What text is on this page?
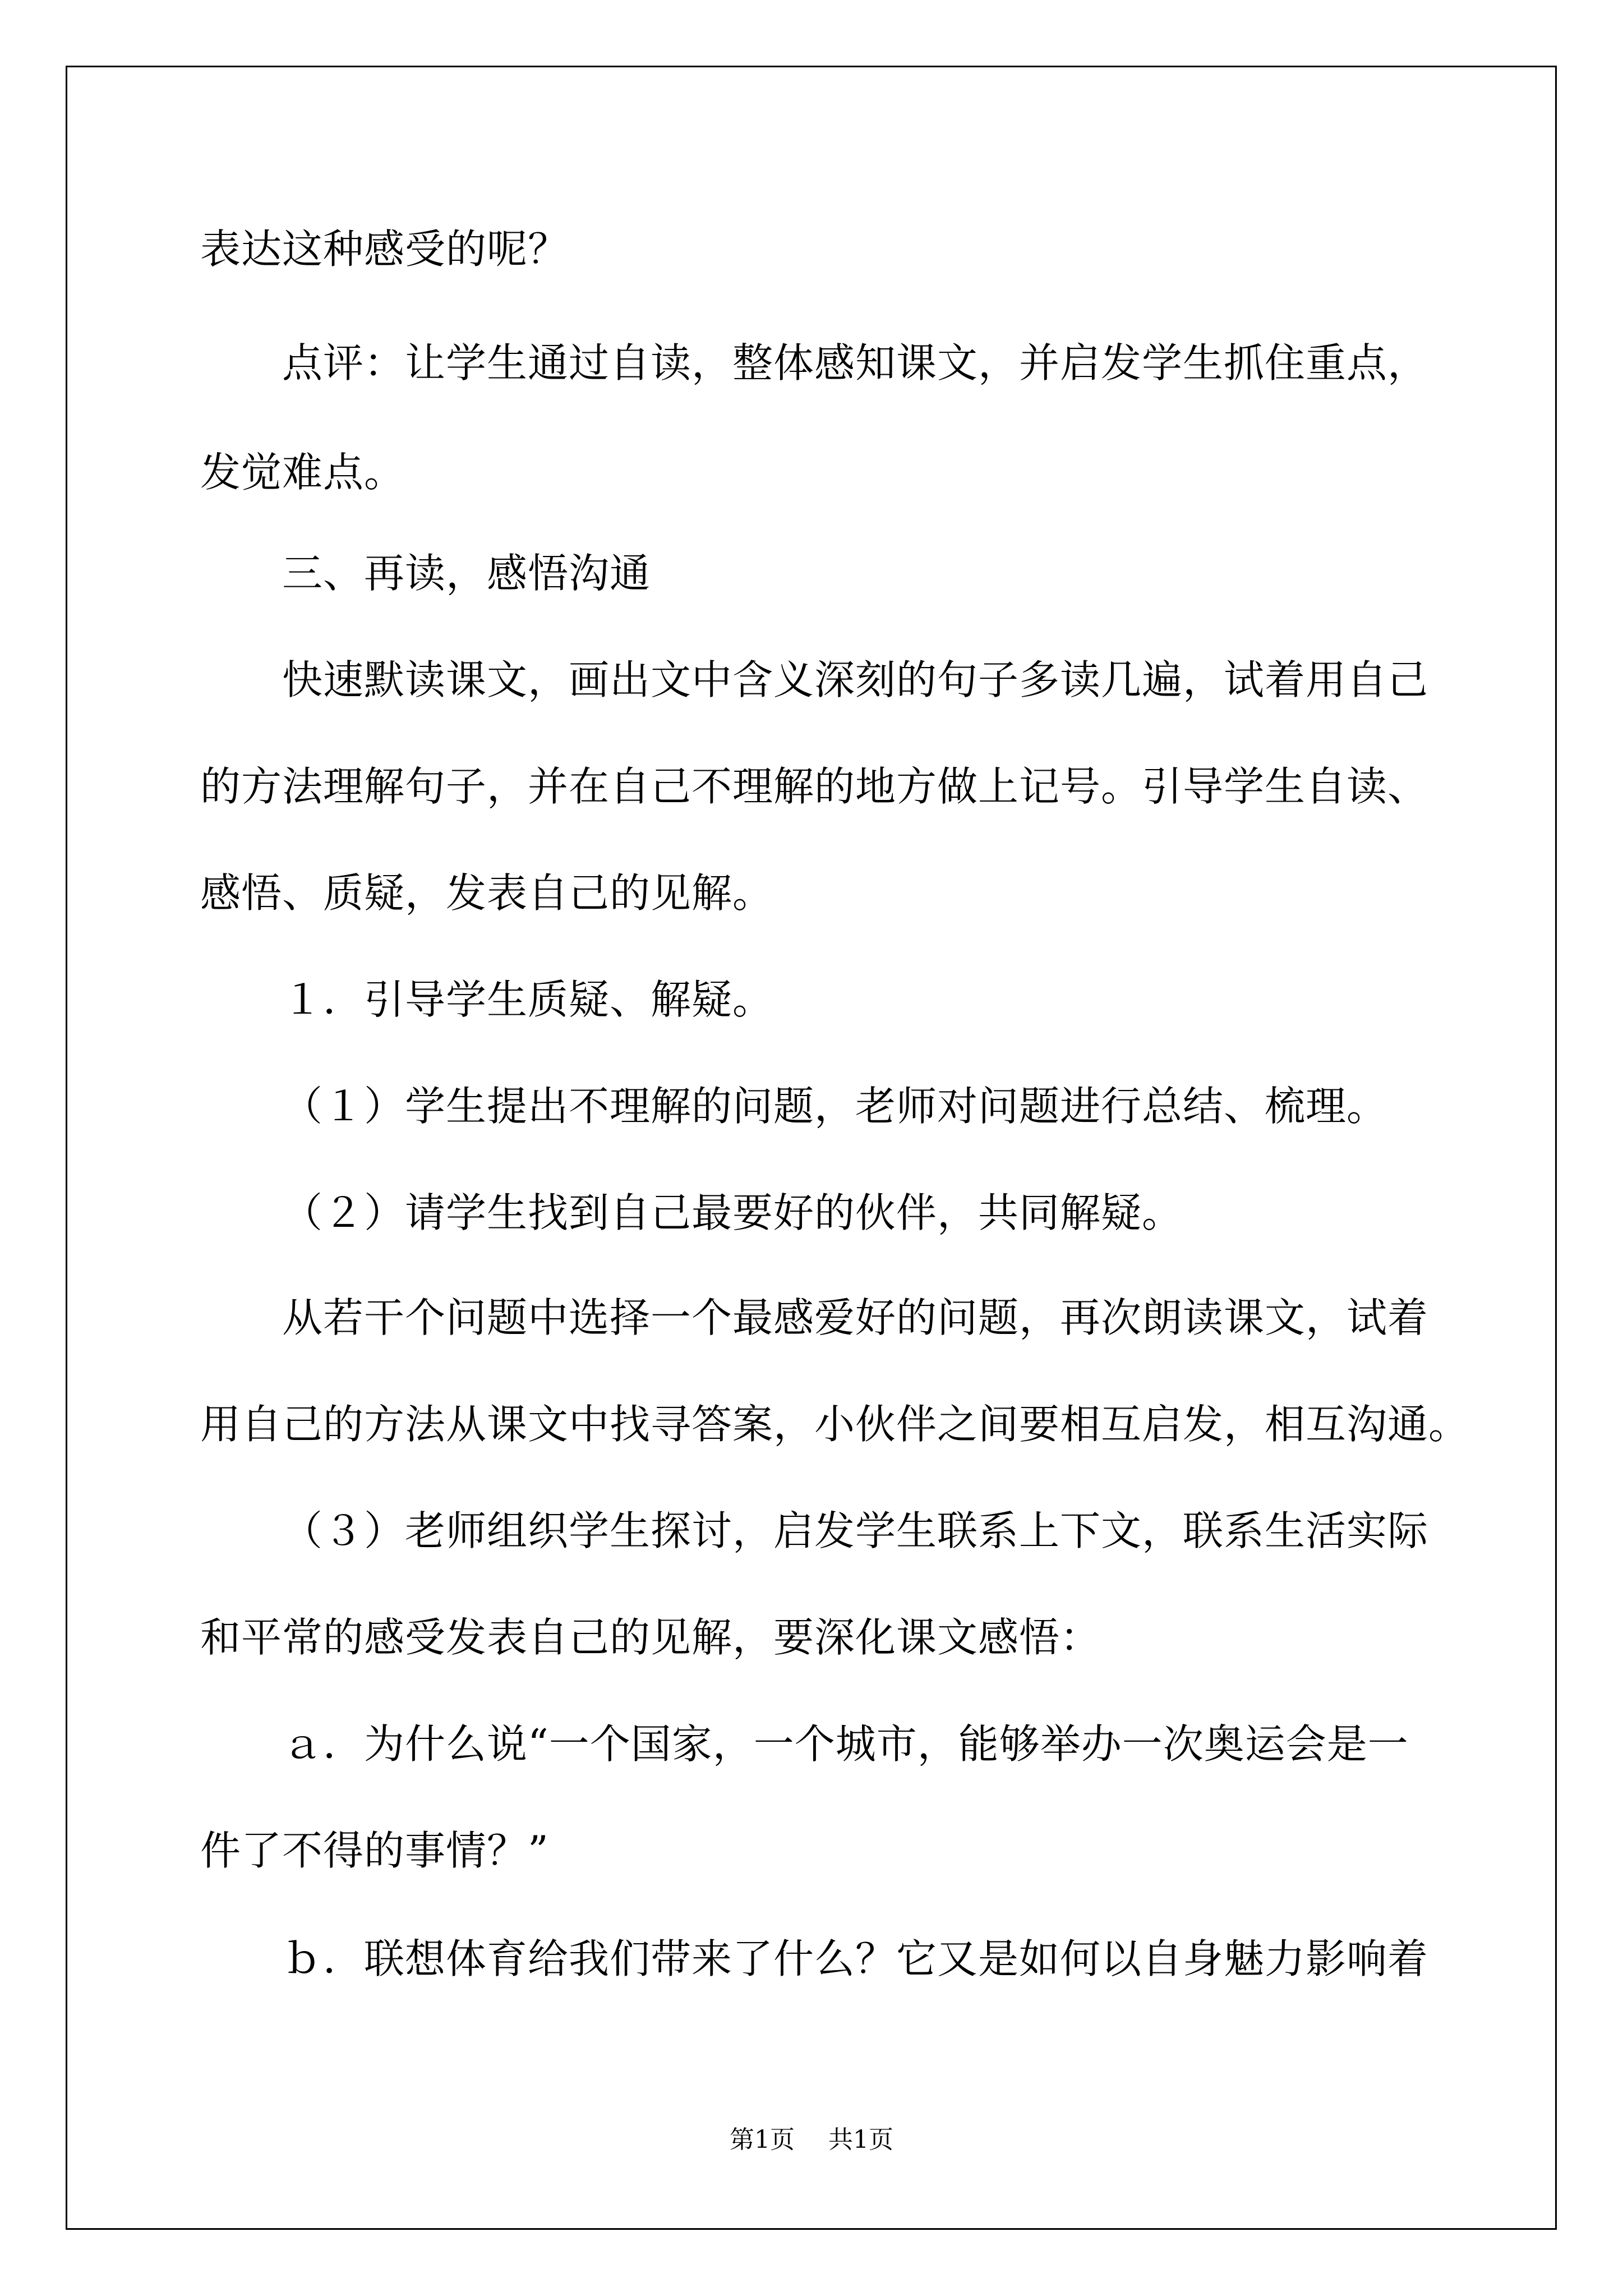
表达这种感受的呢？
点评：让学生通过自读，整体感知课文，并启发学生抓住重点，
发觉难点。
三、再读，感悟沟通
快速默读课文，画出文中含义深刻的句子多读几遍，试着用自己
的方法理解句子，并在自己不理解的地方做上记号。引导学生自读、
感悟、质疑，发表自己的见解。
１．引导学生质疑、解疑。
（１）学生提出不理解的问题，老师对问题进行总结、梳理。
（２）请学生找到自己最要好的伙伴，共同解疑。
从若干个问题中选择一个最感爱好的问题，再次朗读课文，试着
用自己的方法从课文中找寻答案，小伙伴之间要相互启发，相互沟通。
（３）老师组织学生探讨，启发学生联系上下文，联系生活实际
和平常的感受发表自己的见解，要深化课文感悟：
ａ．为什么说“一个国家，一个城市，能够举办一次奥运会是一
件了不得的事情？”
ｂ．联想体育给我们带来了什么？它又是如何以自身魅力影响着
第1页 共1页
